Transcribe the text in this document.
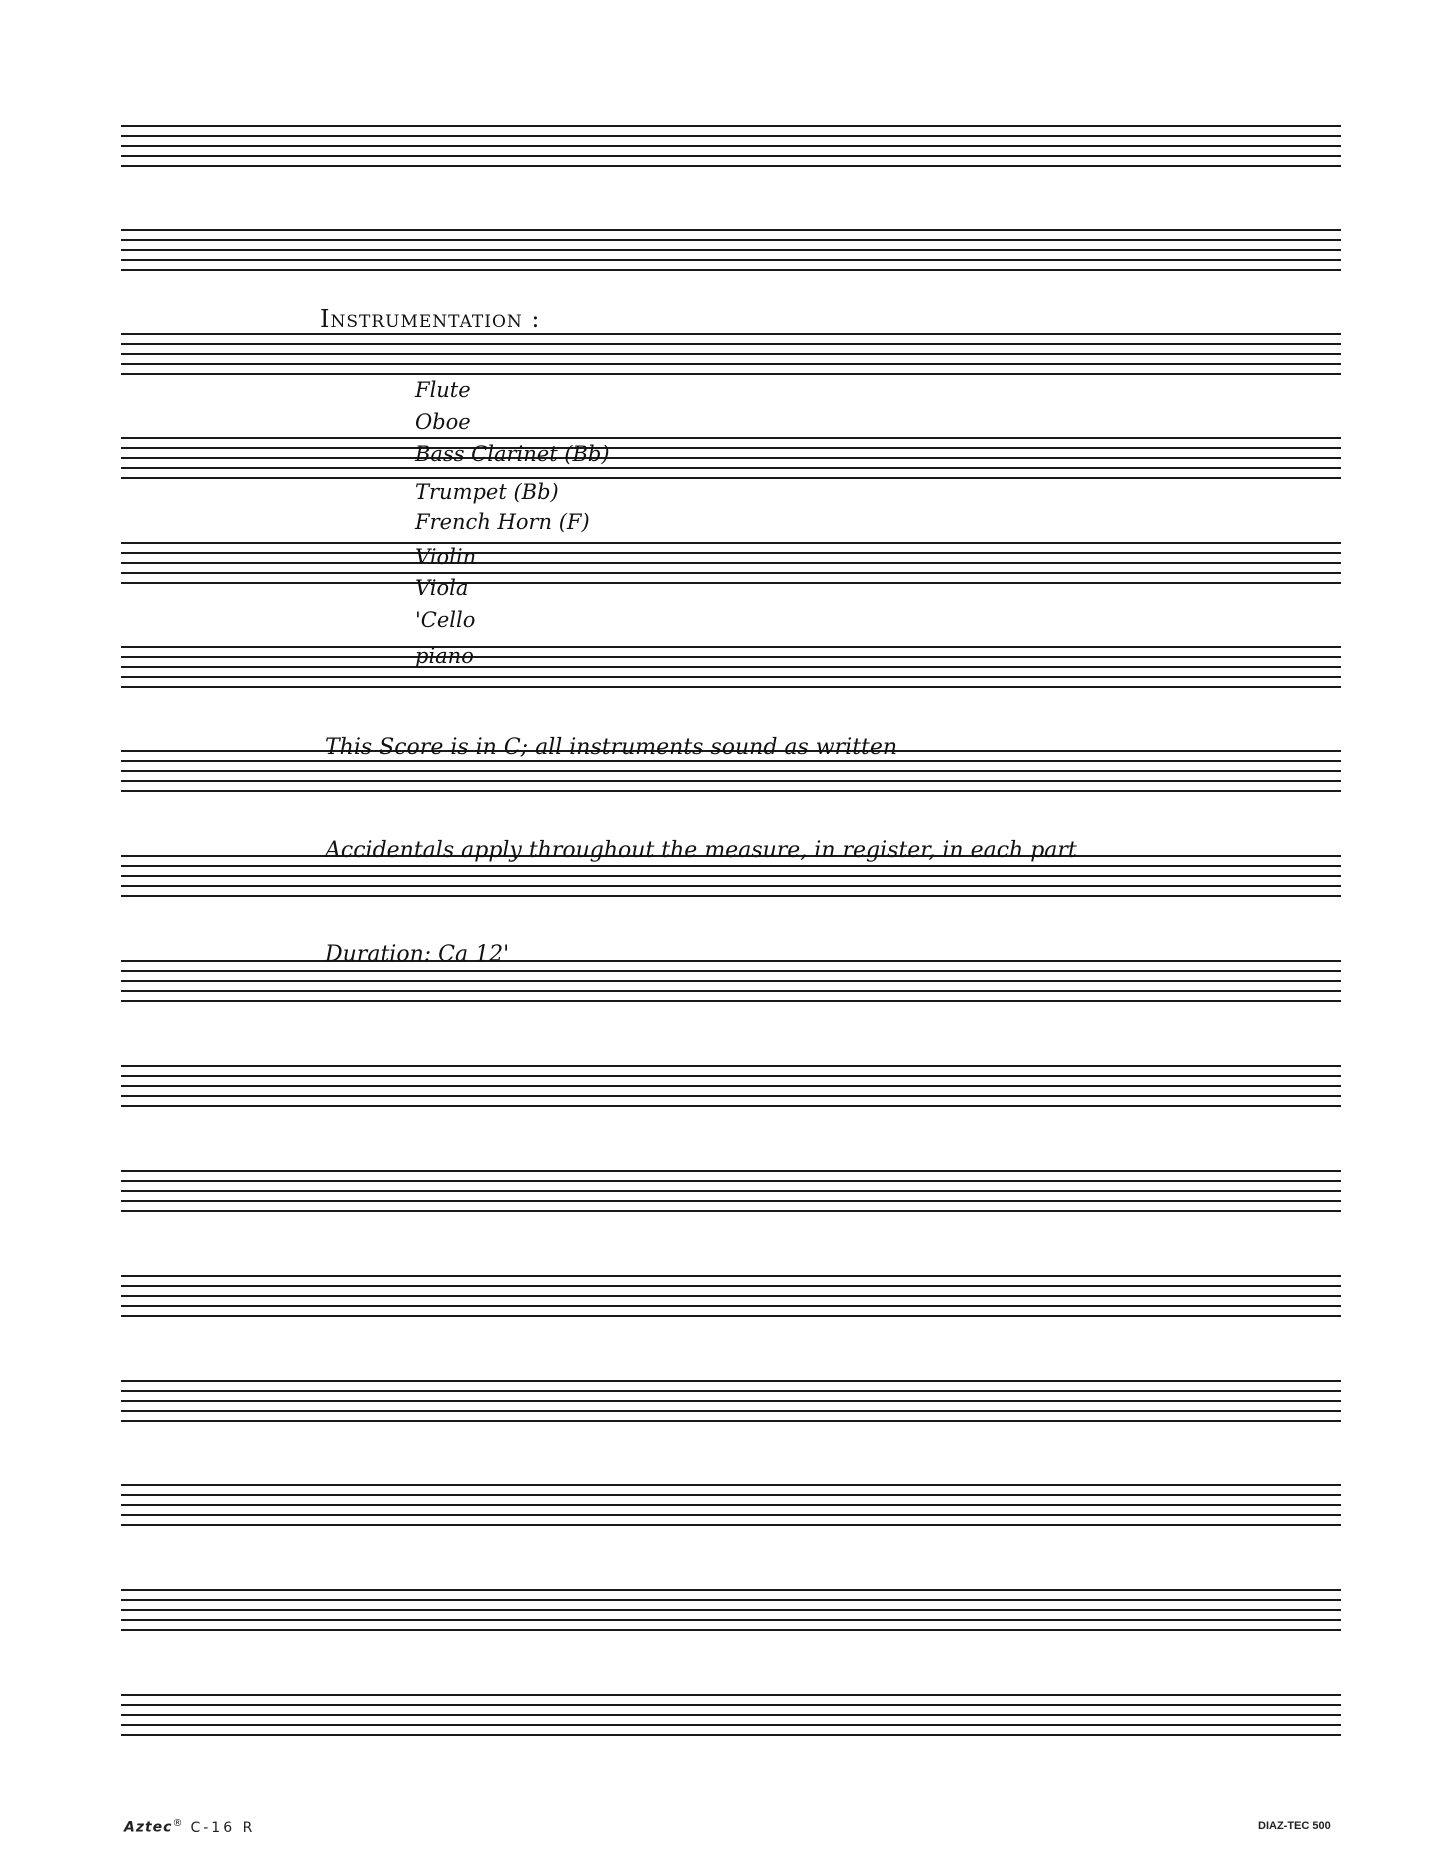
Instrumentation :
Flute
Oboe
Bass Clarinet (Bb)
Trumpet (Bb)
French Horn (F)
Violin
Viola
'Cello
piano
This Score is in C; all instruments sound as written
Accidentals apply throughout the measure, in register, in each part
Duration: Ca 12'
Aztec® C-16 R	DIAZ-TEC 500
